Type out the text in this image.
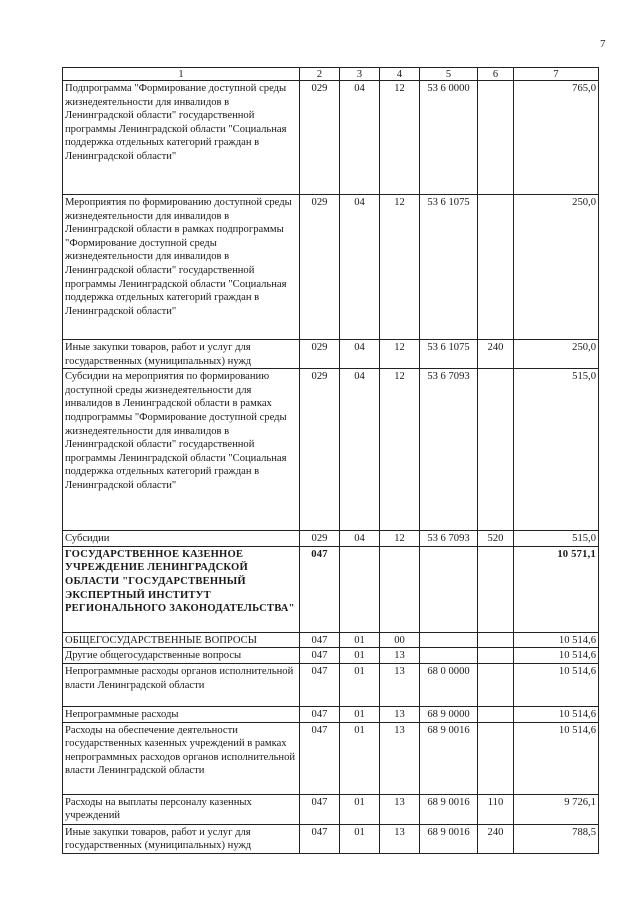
7
1	2	3	4	5	6	7
Подпрограмма "Формирование доступной среды жизнедеятельности для инвалидов в Ленинградской области" государственной программы Ленинградской области "Социальная поддержка отдельных категорий граждан в Ленинградской области"	029	04	12	53 6 0000		765,0
Мероприятия по формированию доступной среды жизнедеятельности для инвалидов в Ленинградской области в рамках подпрограммы "Формирование доступной среды жизнедеятельности для инвалидов в Ленинградской области" государственной программы Ленинградской области "Социальная поддержка отдельных категорий граждан в Ленинградской области"	029	04	12	53 6 1075		250,0
Иные закупки товаров, работ и услуг для государственных (муниципальных) нужд	029	04	12	53 6 1075	240	250,0
Субсидии на мероприятия по формированию доступной среды жизнедеятельности для инвалидов в Ленинградской области в рамках подпрограммы "Формирование доступной среды жизнедеятельности для инвалидов в Ленинградской области" государственной программы Ленинградской области "Социальная поддержка отдельных категорий граждан в Ленинградской области"	029	04	12	53 6 7093		515,0
Субсидии	029	04	12	53 6 7093	520	515,0
ГОСУДАРСТВЕННОЕ КАЗЕННОЕ УЧРЕЖДЕНИЕ ЛЕНИНГРАДСКОЙ ОБЛАСТИ "ГОСУДАРСТВЕННЫЙ ЭКСПЕРТНЫЙ ИНСТИТУТ РЕГИОНАЛЬНОГО ЗАКОНОДАТЕЛЬСТВА"	047					10 571,1
ОБЩЕГОСУДАРСТВЕННЫЕ ВОПРОСЫ	047	01	00			10 514,6
Другие общегосударственные вопросы	047	01	13			10 514,6
Непрограммные расходы органов исполнительной власти Ленинградской области	047	01	13	68 0 0000		10 514,6
Непрограммные расходы	047	01	13	68 9 0000		10 514,6
Расходы на обеспечение деятельности государственных казенных учреждений в рамках непрограммных расходов органов исполнительной власти Ленинградской области	047	01	13	68 9 0016		10 514,6
Расходы на выплаты персоналу казенных учреждений	047	01	13	68 9 0016	110	9 726,1
Иные закупки товаров, работ и услуг для государственных (муниципальных) нужд	047	01	13	68 9 0016	240	788,5
